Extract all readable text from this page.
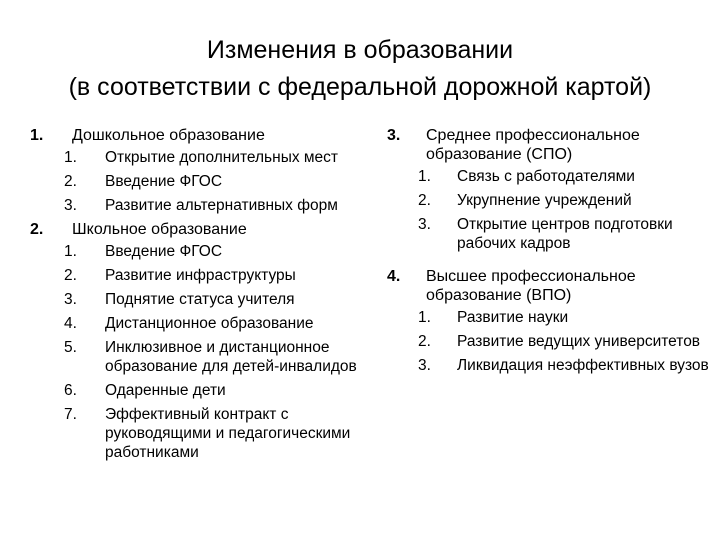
Изменения в образовании
(в соответствии с федеральной дорожной картой)
1. Дошкольное образование
1. Открытие дополнительных мест
2. Введение ФГОС
3. Развитие альтернативных форм
2. Школьное образование
1. Введение ФГОС
2. Развитие инфраструктуры
3. Поднятие статуса учителя
4. Дистанционное образование
5. Инклюзивное и дистанционное образование для детей-инвалидов
6. Одаренные дети
7. Эффективный контракт с руководящими и педагогическими работниками
3. Среднее профессиональное образование (СПО)
1. Связь с работодателями
2. Укрупнение учреждений
3. Открытие центров подготовки рабочих кадров
4. Высшее профессиональное образование (ВПО)
1. Развитие науки
2. Развитие ведущих университетов
3. Ликвидация неэффективных вузов
